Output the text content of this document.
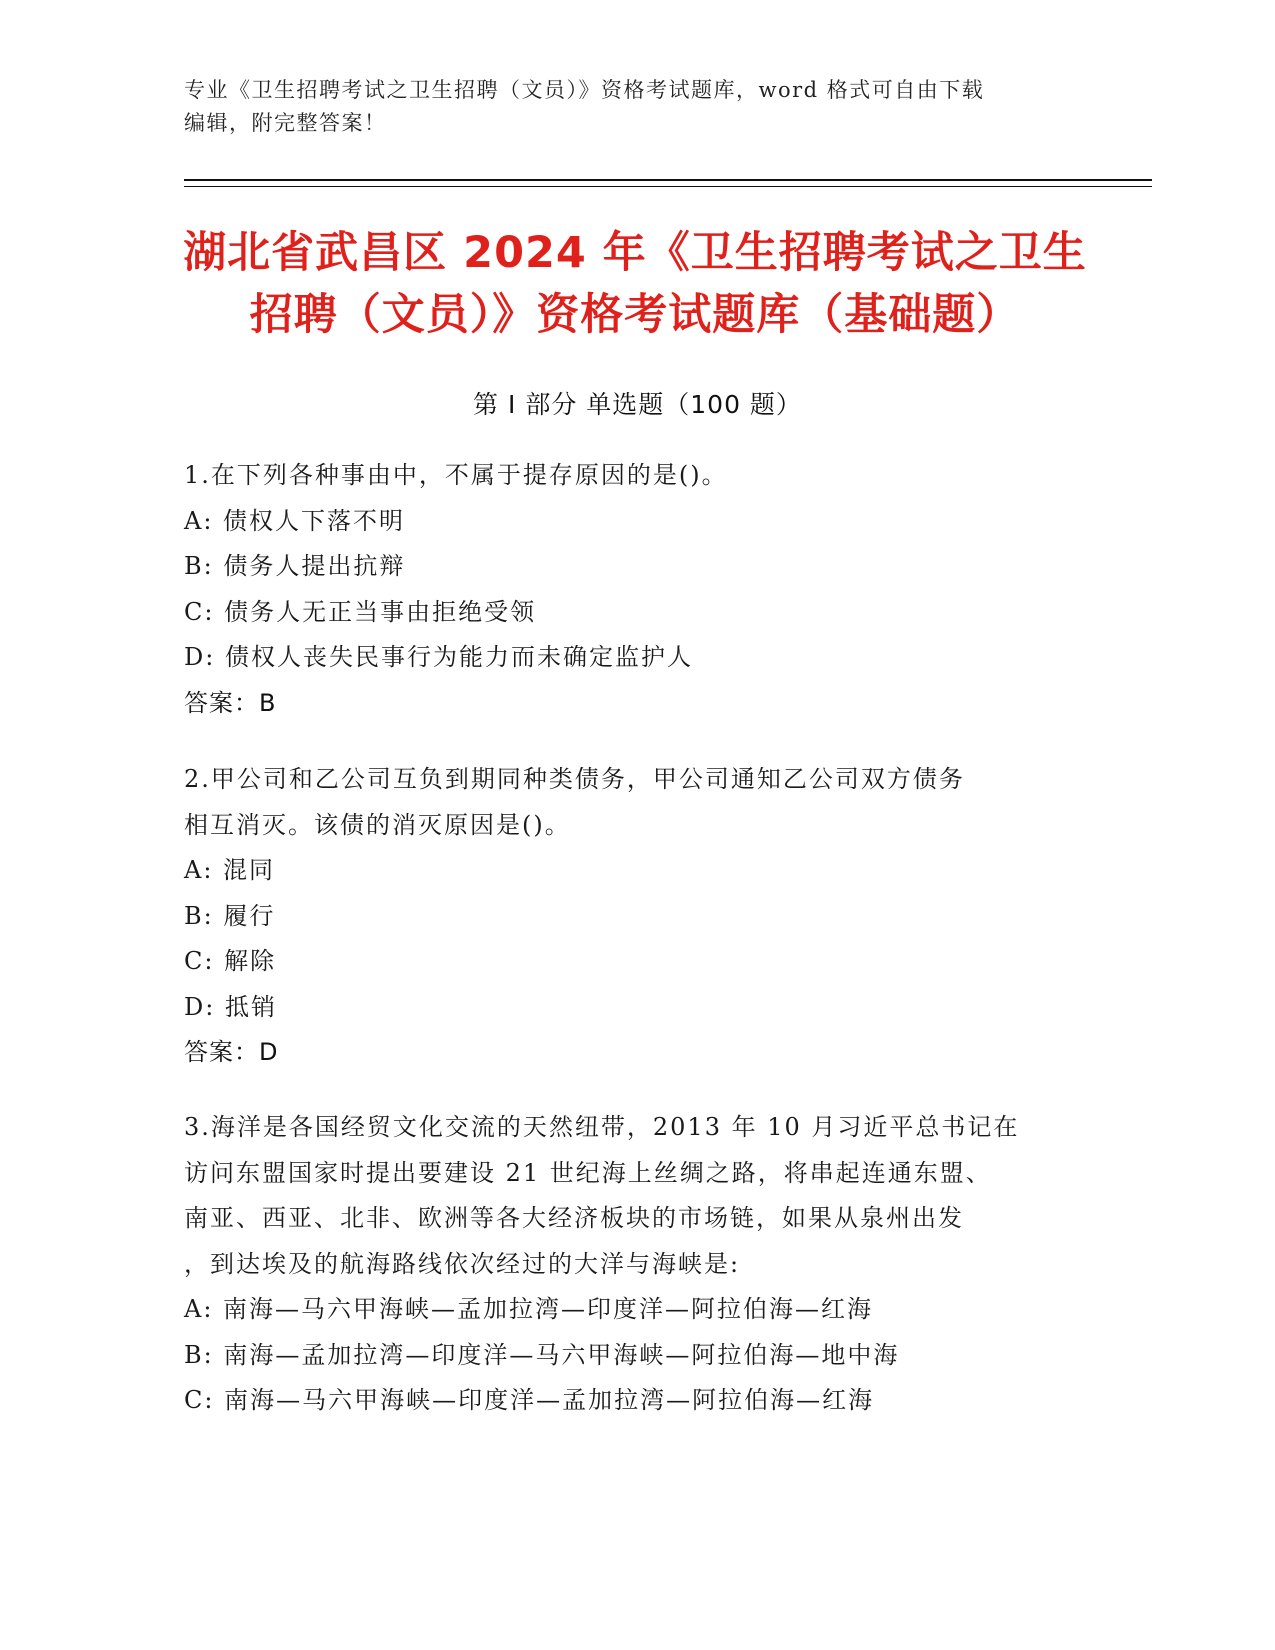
专业《卫生招聘考试之卫生招聘（文员）》资格考试题库，word 格式可自由下载
编辑，附完整答案！
湖北省武昌区 2024 年《卫生招聘考试之卫生
招聘（文员）》资格考试题库（基础题）
第 I 部分 单选题（100 题）
1.在下列各种事由中，不属于提存原因的是()。
A: 债权人下落不明
B: 债务人提出抗辩
C: 债务人无正当事由拒绝受领
D: 债权人丧失民事行为能力而未确定监护人
答案：B
2.甲公司和乙公司互负到期同种类债务，甲公司通知乙公司双方债务
相互消灭。该债的消灭原因是()。
A: 混同
B: 履行
C: 解除
D: 抵销
答案：D
3.海洋是各国经贸文化交流的天然纽带，2013 年 10 月习近平总书记在
访问东盟国家时提出要建设 21 世纪海上丝绸之路，将串起连通东盟、
南亚、西亚、北非、欧洲等各大经济板块的市场链，如果从泉州出发
，到达埃及的航海路线依次经过的大洋与海峡是:
A: 南海—马六甲海峡—孟加拉湾—印度洋—阿拉伯海—红海
B: 南海—孟加拉湾—印度洋—马六甲海峡—阿拉伯海—地中海
C: 南海—马六甲海峡—印度洋—孟加拉湾—阿拉伯海—红海
